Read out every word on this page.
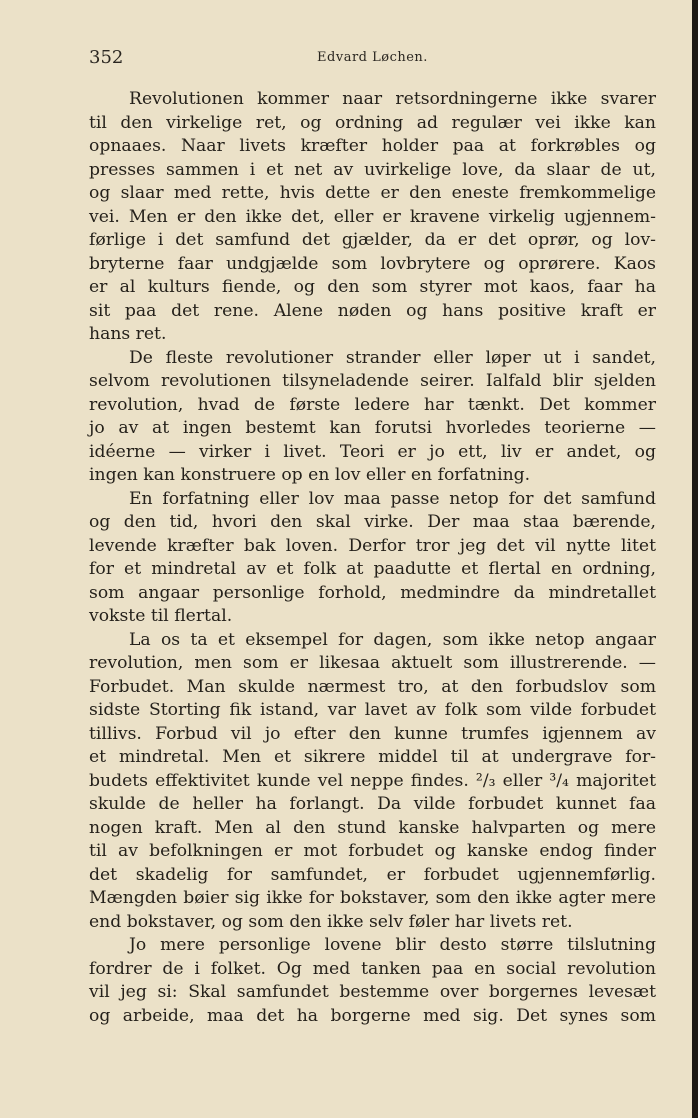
352	Edvard Løchen.
Revolutionen kommer naar retsordningerne ikke svarer
til den virkelige ret, og ordning ad regulær vei ikke kan
opnaaes. Naar livets kræfter holder paa at forkrøbles og
presses sammen i et net av uvirkelige love, da slaar de ut,
og slaar med rette, hvis dette er den eneste fremkommelige
vei. Men er den ikke det, eller er kravene virkelig ugjennem-
førlige i det samfund det gjælder, da er det oprør, og lov-
bryterne faar undgjælde som lovbrytere og oprørere. Kaos
er al kulturs fiende, og den som styrer mot kaos, faar ha
sit paa det rene. Alene nøden og hans positive kraft er
hans ret.
De fleste revolutioner strander eller løper ut i sandet,
selvom revolutionen tilsyneladende seirer. Ialfald blir sjelden
revolution, hvad de første ledere har tænkt. Det kommer
jo av at ingen bestemt kan forutsi hvorledes teorierne —
idéerne — virker i livet. Teori er jo ett, liv er andet, og
ingen kan konstruere op en lov eller en forfatning.
En forfatning eller lov maa passe netop for det samfund
og den tid, hvori den skal virke. Der maa staa bærende,
levende kræfter bak loven. Derfor tror jeg det vil nytte litet
for et mindretal av et folk at paadutte et flertal en ordning,
som angaar personlige forhold, medmindre da mindretallet
vokste til flertal.
La os ta et eksempel for dagen, som ikke netop angaar
revolution, men som er likesaa aktuelt som illustrerende. —
Forbudet. Man skulde nærmest tro, at den forbudslov som
sidste Storting fik istand, var lavet av folk som vilde forbudet
tillivs. Forbud vil jo efter den kunne trumfes igjennem av
et mindretal. Men et sikrere middel til at undergrave for-
budets effektivitet kunde vel neppe findes. ²/₃ eller ³/₄ majoritet
skulde de heller ha forlangt. Da vilde forbudet kunnet faa
nogen kraft. Men al den stund kanske halvparten og mere
til av befolkningen er mot forbudet og kanske endog finder
det skadelig for samfundet, er forbudet ugjennemførlig.
Mængden bøier sig ikke for bokstaver, som den ikke agter mere
end bokstaver, og som den ikke selv føler har livets ret.
Jo mere personlige lovene blir desto større tilslutning
fordrer de i folket. Og med tanken paa en social revolution
vil jeg si: Skal samfundet bestemme over borgernes levesæt
og arbeide, maa det ha borgerne med sig. Det synes som
